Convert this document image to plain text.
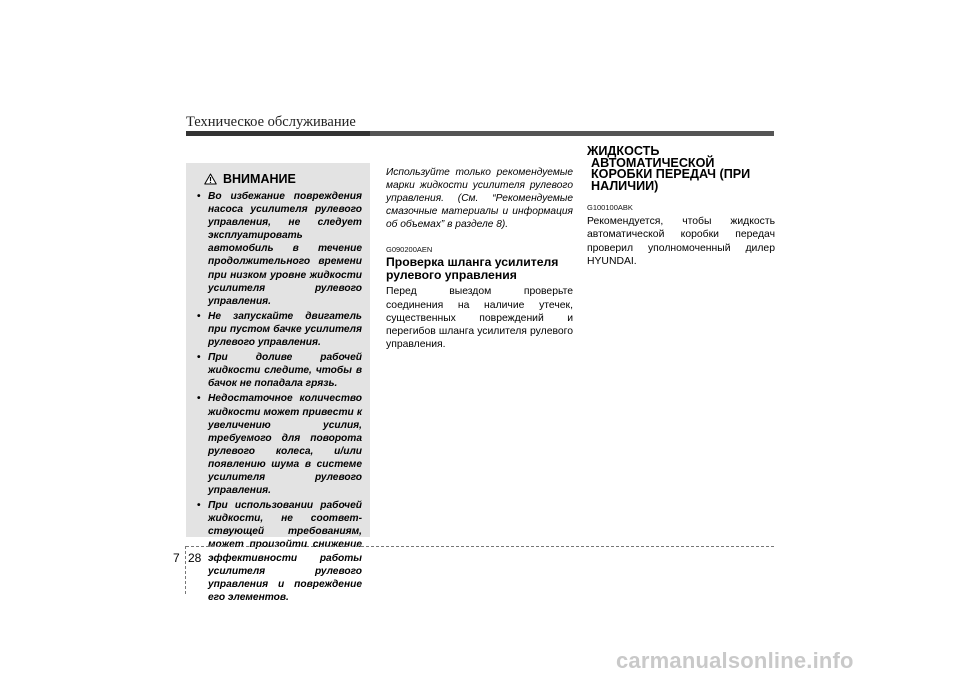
Техническое обслуживание
ВНИМАНИЕ
• Во избежание повреждения насоса усилителя рулевого управления, не следует эксплуатировать автомобиль в течение продолжительного времени при низком уровне жидкости усилителя рулевого управления.
• Не запускайте двигатель при пустом бачке усилителя рулевого управления.
• При доливе рабочей жидкости следите, чтобы в бачок не попадала грязь.
• Недостаточное количество жидкости может привести к увеличению усилия, требуемого для поворота рулевого колеса, и/или появлению шума в системе усилителя рулевого управления.
• При использовании рабочей жидкости, не соответ-ствующей требованиям, может произойти снижение эффективности работы усилителя рулевого управления и повреждение его элементов.

Используйте только рекомендуемые марки жидкости усилителя рулевого управления. (См. “Рекомендуемые смазочные материалы и информация об объемах” в разделе 8).

G090200AEN
Проверка шланга усилителя рулевого управления

Перед выездом проверьте соединения на наличие утечек, существенных повреждений и перегибов шланга усилителя рулевого управления.

ЖИДКОСТЬ
АВТОМАТИЧЕСКОЙ КОРОБКИ ПЕРЕДАЧ (ПРИ НАЛИЧИИ)
G100100ABK

Рекомендуется, чтобы жидкость автоматической коробки передач проверил уполномоченный дилер HYUNDAI.

7 28
carmanualsonline.info
